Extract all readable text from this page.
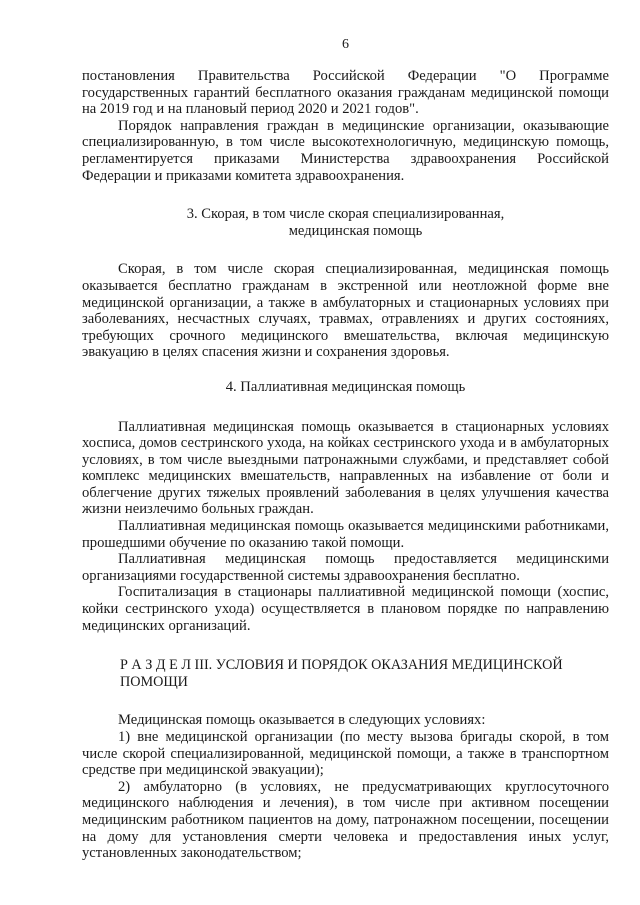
6

постановления Правительства Российской Федерации "О Программе государственных гарантий бесплатного оказания гражданам медицинской помощи на 2019 год и на плановый период 2020 и 2021 годов".

Порядок направления граждан в медицинские организации, оказывающие специализированную, в том числе высокотехнологичную, медицинскую помощь, регламентируется приказами Министерства здравоохранения Российской Федерации и приказами комитета здравоохранения.

3. Скорая, в том числе скорая специализированная,
медицинская помощь

Скорая, в том числе скорая специализированная, медицинская помощь оказывается бесплатно гражданам в экстренной или неотложной форме вне медицинской организации, а также в амбулаторных и стационарных условиях при заболеваниях, несчастных случаях, травмах, отравлениях и других состояниях, требующих срочного медицинского вмешательства, включая медицинскую эвакуацию в целях спасения жизни и сохранения здоровья.

4. Паллиативная медицинская помощь

Паллиативная медицинская помощь оказывается в стационарных условиях хосписа, домов сестринского ухода, на койках сестринского ухода и в амбулаторных условиях, в том числе выездными патронажными службами, и представляет собой комплекс медицинских вмешательств, направленных на избавление от боли и облегчение других тяжелых проявлений заболевания в целях улучшения качества жизни неизлечимо больных граждан.

Паллиативная медицинская помощь оказывается медицинскими работниками, прошедшими обучение по оказанию такой помощи.

Паллиативная медицинская помощь предоставляется медицинскими организациями государственной системы здравоохранения бесплатно.

Госпитализация в стационары паллиативной медицинской помощи (хоспис, койки сестринского ухода) осуществляется в плановом порядке по направлению медицинских организаций.

Р А З Д Е Л III. УСЛОВИЯ И ПОРЯДОК ОКАЗАНИЯ МЕДИЦИНСКОЙ ПОМОЩИ

Медицинская помощь оказывается в следующих условиях:

1) вне медицинской организации (по месту вызова бригады скорой, в том числе скорой специализированной, медицинской помощи, а также в транспортном средстве при медицинской эвакуации);

2) амбулаторно (в условиях, не предусматривающих круглосуточного медицинского наблюдения и лечения), в том числе при активном посещении медицинским работником пациентов на дому, патронажном посещении, посещении на дому для установления смерти человека и предоставления иных услуг, установленных законодательством;
